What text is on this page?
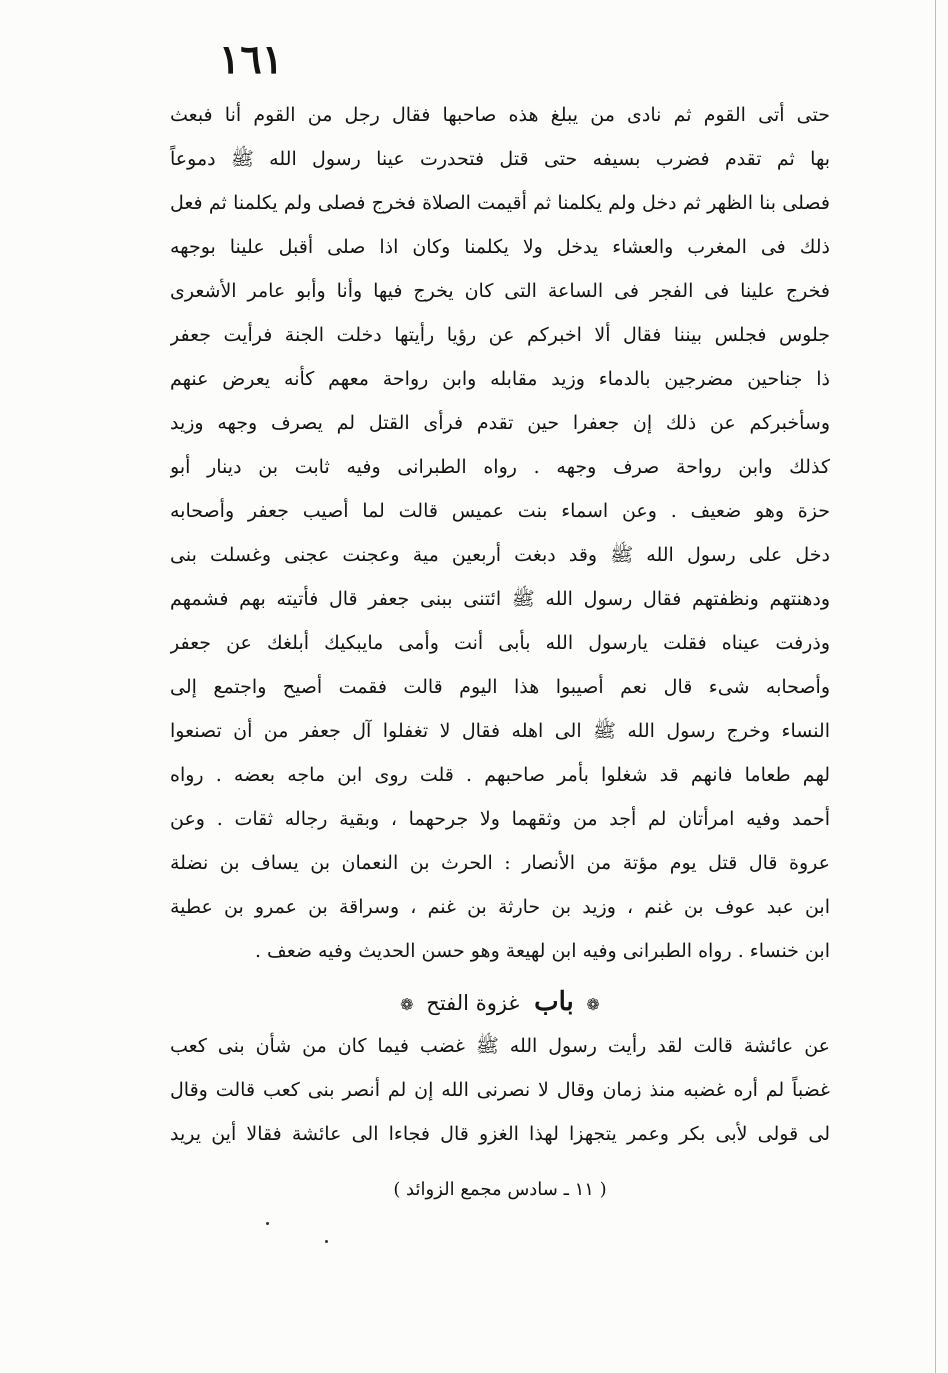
١٦١
حتى أتى القوم ثم نادى من يبلغ هذه صاحبها فقال رجل من القوم أنا فبعث
بها ثم تقدم فضرب بسيفه حتى قتل فتحدرت عينا رسول الله ﷺ دموعاً
فصلى بنا الظهر ثم دخل ولم يكلمنا ثم أقيمت الصلاة فخرج فصلى ولم يكلمنا ثم فعل
ذلك فى المغرب والعشاء يدخل ولا يكلمنا وكان اذا صلى أقبل علينا بوجهه
فخرج علينا فى الفجر فى الساعة التى كان يخرج فيها وأنا وأبو عامر الأشعرى
جلوس فجلس بيننا فقال ألا اخبركم عن رؤيا رأيتها دخلت الجنة فرأيت جعفر
ذا جناحين مضرجين بالدماء وزيد مقابله وابن رواحة معهم كأنه يعرض عنهم
وسأخبركم عن ذلك إن جعفرا حين تقدم فرأى القتل لم يصرف وجهه وزيد
كذلك وابن رواحة صرف وجهه . رواه الطبرانى وفيه ثابت بن دينار أبو
حزة وهو ضعيف . وعن اسماء بنت عميس قالت لما أصيب جعفر وأصحابه
دخل على رسول الله ﷺ وقد دبغت أربعين مية وعجنت عجنى وغسلت بنى
ودهنتهم ونظفتهم فقال رسول الله ﷺ ائتنى ببنى جعفر قال فأتيته بهم فشمهم
وذرفت عيناه فقلت يارسول الله بأبى أنت وأمى مايبكيك أبلغك عن جعفر
وأصحابه شىء قال نعم أصيبوا هذا اليوم قالت فقمت أصيح واجتمع إلى
النساء وخرج رسول الله ﷺ الى اهله فقال لا تغفلوا آل جعفر من أن تصنعوا
لهم طعاما فانهم قد شغلوا بأمر صاحبهم . قلت روى ابن ماجه بعضه . رواه
أحمد وفيه امرأتان لم أجد من وثقهما ولا جرحهما ، وبقية رجاله ثقات . وعن
عروة قال قتل يوم مؤتة من الأنصار : الحرث بن النعمان بن يساف بن نضلة
ابن عبد عوف بن غنم ، وزيد بن حارثة بن غنم ، وسراقة بن عمرو بن عطية
ابن خنساء . رواه الطبرانى وفيه ابن لهيعة وهو حسن الحديث وفيه ضعف .
❁ باب غزوة الفتح ❁
عن عائشة قالت لقد رأيت رسول الله ﷺ غضب فيما كان من شأن بنى كعب
غضباً لم أره غضبه منذ زمان وقال لا نصرنى الله إن لم أنصر بنى كعب قالت وقال
لى قولى لأبى بكر وعمر يتجهزا لهذا الغزو قال فجاءا الى عائشة فقالا أين يريد
( ١١ ـ سادس مجمع الزوائد )
